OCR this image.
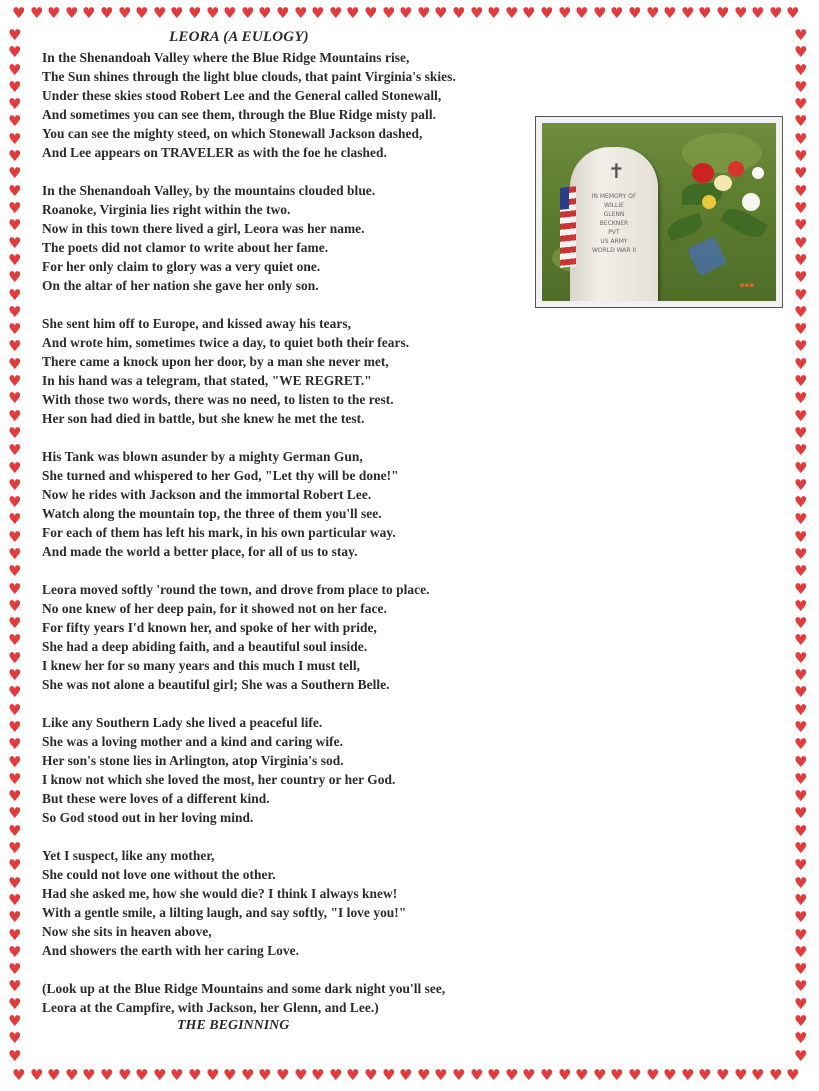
♥ ♥ ♥ ♥ ♥ ♥ ♥ ♥ ♥ ♥ ♥ ♥ ♥ ♥ ♥ ♥ ♥ ♥ ♥ ♥ ♥ ♥ ♥ ♥ ♥ ♥ ♥ ♥ ♥ ♥ ♥ ♥ ♥ ♥ ♥ ♥ ♥ ♥ ♥ ♥ ♥ ♥ ♥ ♥ ♥
♥ ♥ ♥ ♥ ♥ ♥ ♥ ♥ ♥ ♥ ♥ ♥ ♥ ♥ ♥ ♥ ♥ ♥ ♥ ♥ ♥ ♥ ♥ ♥ ♥ ♥ ♥ ♥ ♥ ♥ ♥ ♥ ♥ ♥ ♥ ♥ ♥ ♥ ♥ ♥ ♥ ♥ ♥ ♥ ♥
♥
♥
♥
♥
♥
♥
♥
♥
♥
♥
♥
♥
♥
♥
♥
♥
♥
♥
♥
♥
♥
♥
♥
♥
♥
♥
♥
♥
♥
♥
♥
♥
♥
♥
♥
♥
♥
♥
♥
♥
♥
♥
♥
♥
♥
♥
♥
♥
♥
♥
♥
♥
♥
♥
♥
♥
♥
♥
♥
♥
♥
♥
♥
♥
♥
♥
♥
♥
♥
♥
♥
♥
♥
♥
♥
♥
♥
♥
♥
♥
♥
♥
♥
♥
♥
♥
♥
♥
♥
♥
♥
♥
♥
♥
♥
♥
♥
♥
♥
♥
♥
♥
♥
♥
♥
♥
♥
♥
♥
♥
♥
♥
♥
♥
♥
♥
♥
♥
♥
♥
LEORA (A EULOGY)
In the Shenandoah Valley where the Blue Ridge Mountains rise,
The Sun shines through the light blue clouds, that paint Virginia's skies.
Under these skies stood Robert Lee and the General called Stonewall,
And sometimes you can see them, through the Blue Ridge misty pall.
You can see the mighty steed, on which Stonewall Jackson dashed,
And Lee appears on TRAVELER as with the foe he clashed.
In the Shenandoah Valley, by the mountains clouded blue.
Roanoke, Virginia lies right within the two.
Now in this town there lived a girl, Leora was her name.
The poets did not clamor to write about her fame.
For her only claim to glory was a very quiet one.
On the altar of her nation she gave her only son.
She sent him off to Europe, and kissed away his tears,
And wrote him, sometimes twice a day, to quiet both their fears.
There came a knock upon her door, by a man she never met,
In his hand was a telegram, that stated, "WE REGRET."
With those two words, there was no need, to listen to the rest.
Her son had died in battle, but she knew he met the test.
His Tank was blown asunder by a mighty German Gun,
She turned and whispered to her God, "Let thy will be done!"
Now he rides with Jackson and the immortal Robert Lee.
Watch along the mountain top, the three of them you'll see.
For each of them has left his mark, in his own particular way.
And made the world a better place, for all of us to stay.
Leora moved softly 'round the town, and drove from place to place.
No one knew of her deep pain, for it showed not on her face.
For fifty years I'd known her, and spoke of her with pride,
She had a deep abiding faith, and a beautiful soul inside.
I knew her for so many years and this much I must tell,
She was not alone a beautiful girl; She was a Southern Belle.
Like any Southern Lady she lived a peaceful life.
She was a loving mother and a kind and caring wife.
Her son's stone lies in Arlington, atop Virginia's sod.
I know not which she loved the most, her country or her God.
But these were loves of a different kind.
So God stood out in her loving mind.
Yet I suspect, like any mother,
She could not love one without the other.
Had she asked me, how she would die? I think I always knew!
With a gentle smile, a lilting laugh, and say softly, "I love you!"
Now she sits in heaven above,
And showers the earth with her caring Love.
(Look up at the Blue Ridge Mountains and some dark night you'll see,
Leora at the Campfire, with Jackson, her Glenn, and Lee.)
THE BEGINNING
✝
IN MEMORY OF
WILLIE
GLENN
BECKNER
PVT
US ARMY
WORLD WAR II
▪▪▪
